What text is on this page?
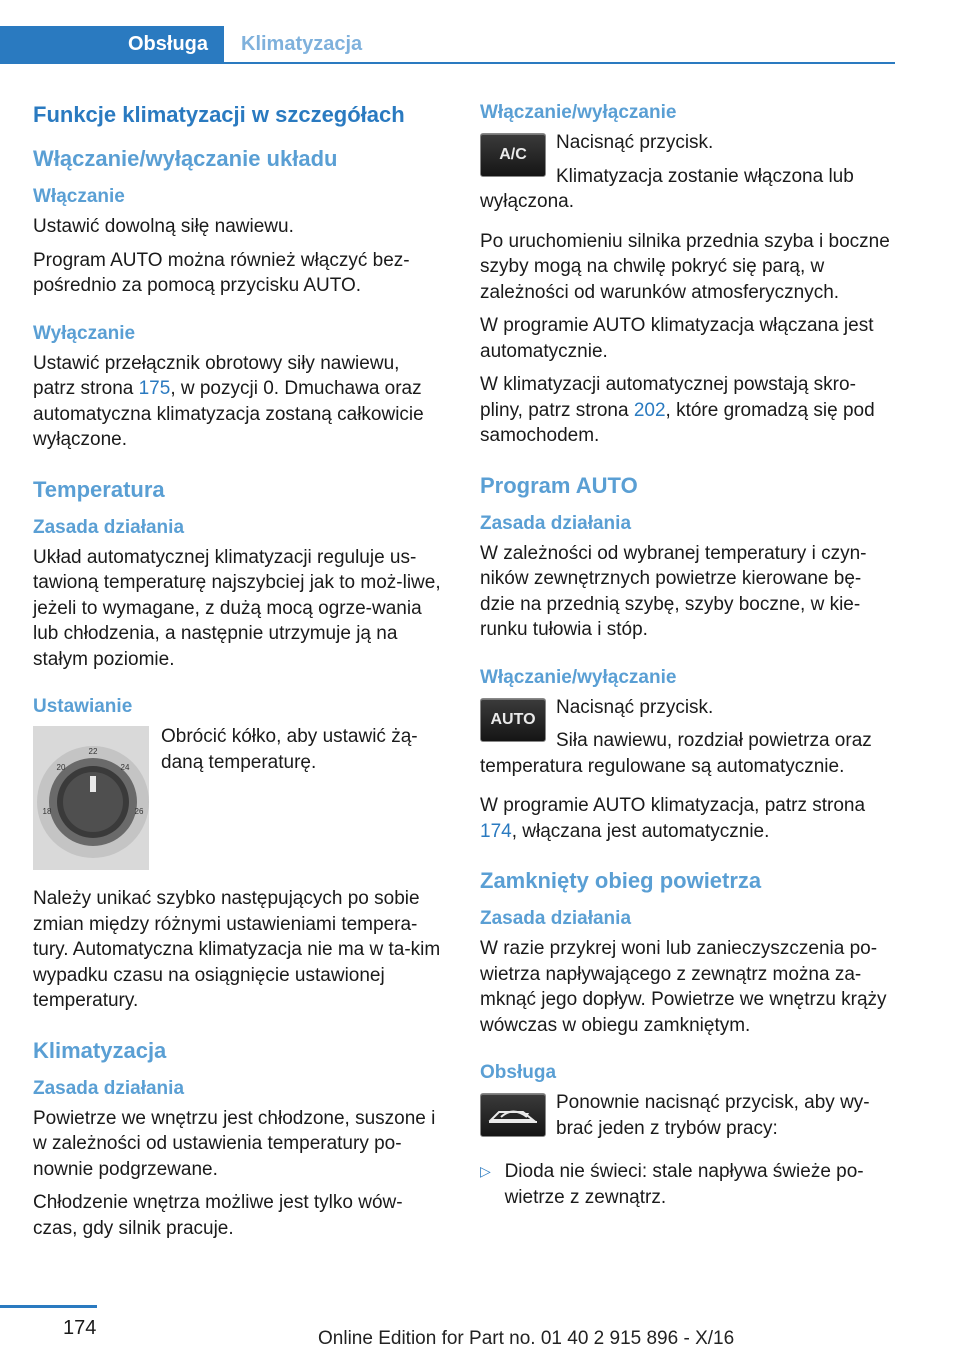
Obsługa	Klimatyzacja
Funkcje klimatyzacji w szczegółach
Włączanie/wyłączanie układu
Włączanie

Ustawić dowolną siłę nawiewu.

Program AUTO można również włączyć bez‐pośrednio za pomocą przycisku AUTO.

Wyłączanie

Ustawić przełącznik obrotowy siły nawiewu, patrz strona 175, w pozycji 0. Dmuchawa oraz automatyczna klimatyzacja zostaną całkowicie wyłączone.

Temperatura
Zasada działania

Układ automatycznej klimatyzacji reguluje us‐tawioną temperaturę najszybciej jak to moż‐liwe, jeżeli to wymagane, z dużą mocą ogrze‐wania lub chłodzenia, a następnie utrzymuje ją na stałym poziomie.

Ustawianie
22
20	24
18	26

Obrócić kółko, aby ustawić żą‐daną temperaturę.

Należy unikać szybko następujących po sobie zmian między różnymi ustawieniami tempera‐tury. Automatyczna klimatyzacja nie ma w ta‐kim wypadku czasu na osiągnięcie ustawionej temperatury.

Klimatyzacja
Zasada działania

Powietrze we wnętrzu jest chłodzone, suszone i w zależności od ustawienia temperatury po‐nownie podgrzewane.

Chłodzenie wnętrza możliwe jest tylko wów‐czas, gdy silnik pracuje.

Włączanie/wyłączanie
A/C

Nacisnąć przycisk.

Klimatyzacja zostanie włączona lub wyłączona.

Po uruchomieniu silnika przednia szyba i boczne szyby mogą na chwilę pokryć się parą, w zależności od warunków atmosferycznych.

W programie AUTO klimatyzacja włączana jest automatycznie.

W klimatyzacji automatycznej powstają skro‐pliny, patrz strona 202, które gromadzą się pod samochodem.

Program AUTO
Zasada działania

W zależności od wybranej temperatury i czyn‐ników zewnętrznych powietrze kierowane bę‐dzie na przednią szybę, szyby boczne, w kie‐runku tułowia i stóp.

Włączanie/wyłączanie
AUTO

Nacisnąć przycisk.

Siła nawiewu, rozdział powietrza oraz temperatura regulowane są automatycznie.

W programie AUTO klimatyzacja, patrz strona 174, włączana jest automatycznie.

Zamknięty obieg powietrza
Zasada działania

W razie przykrej woni lub zanieczyszczenia po‐wietrza napływającego z zewnątrz można za‐mknąć jego dopływ. Powietrze we wnętrzu krąży wówczas w obiegu zamkniętym.

Obsługa

Ponownie nacisnąć przycisk, aby wy‐brać jeden z trybów pracy:

▷ Dioda nie świeci: stale napływa świeże po‐wietrze z zewnątrz.
174	Online Edition for Part no. 01 40 2 915 896 - X/16
